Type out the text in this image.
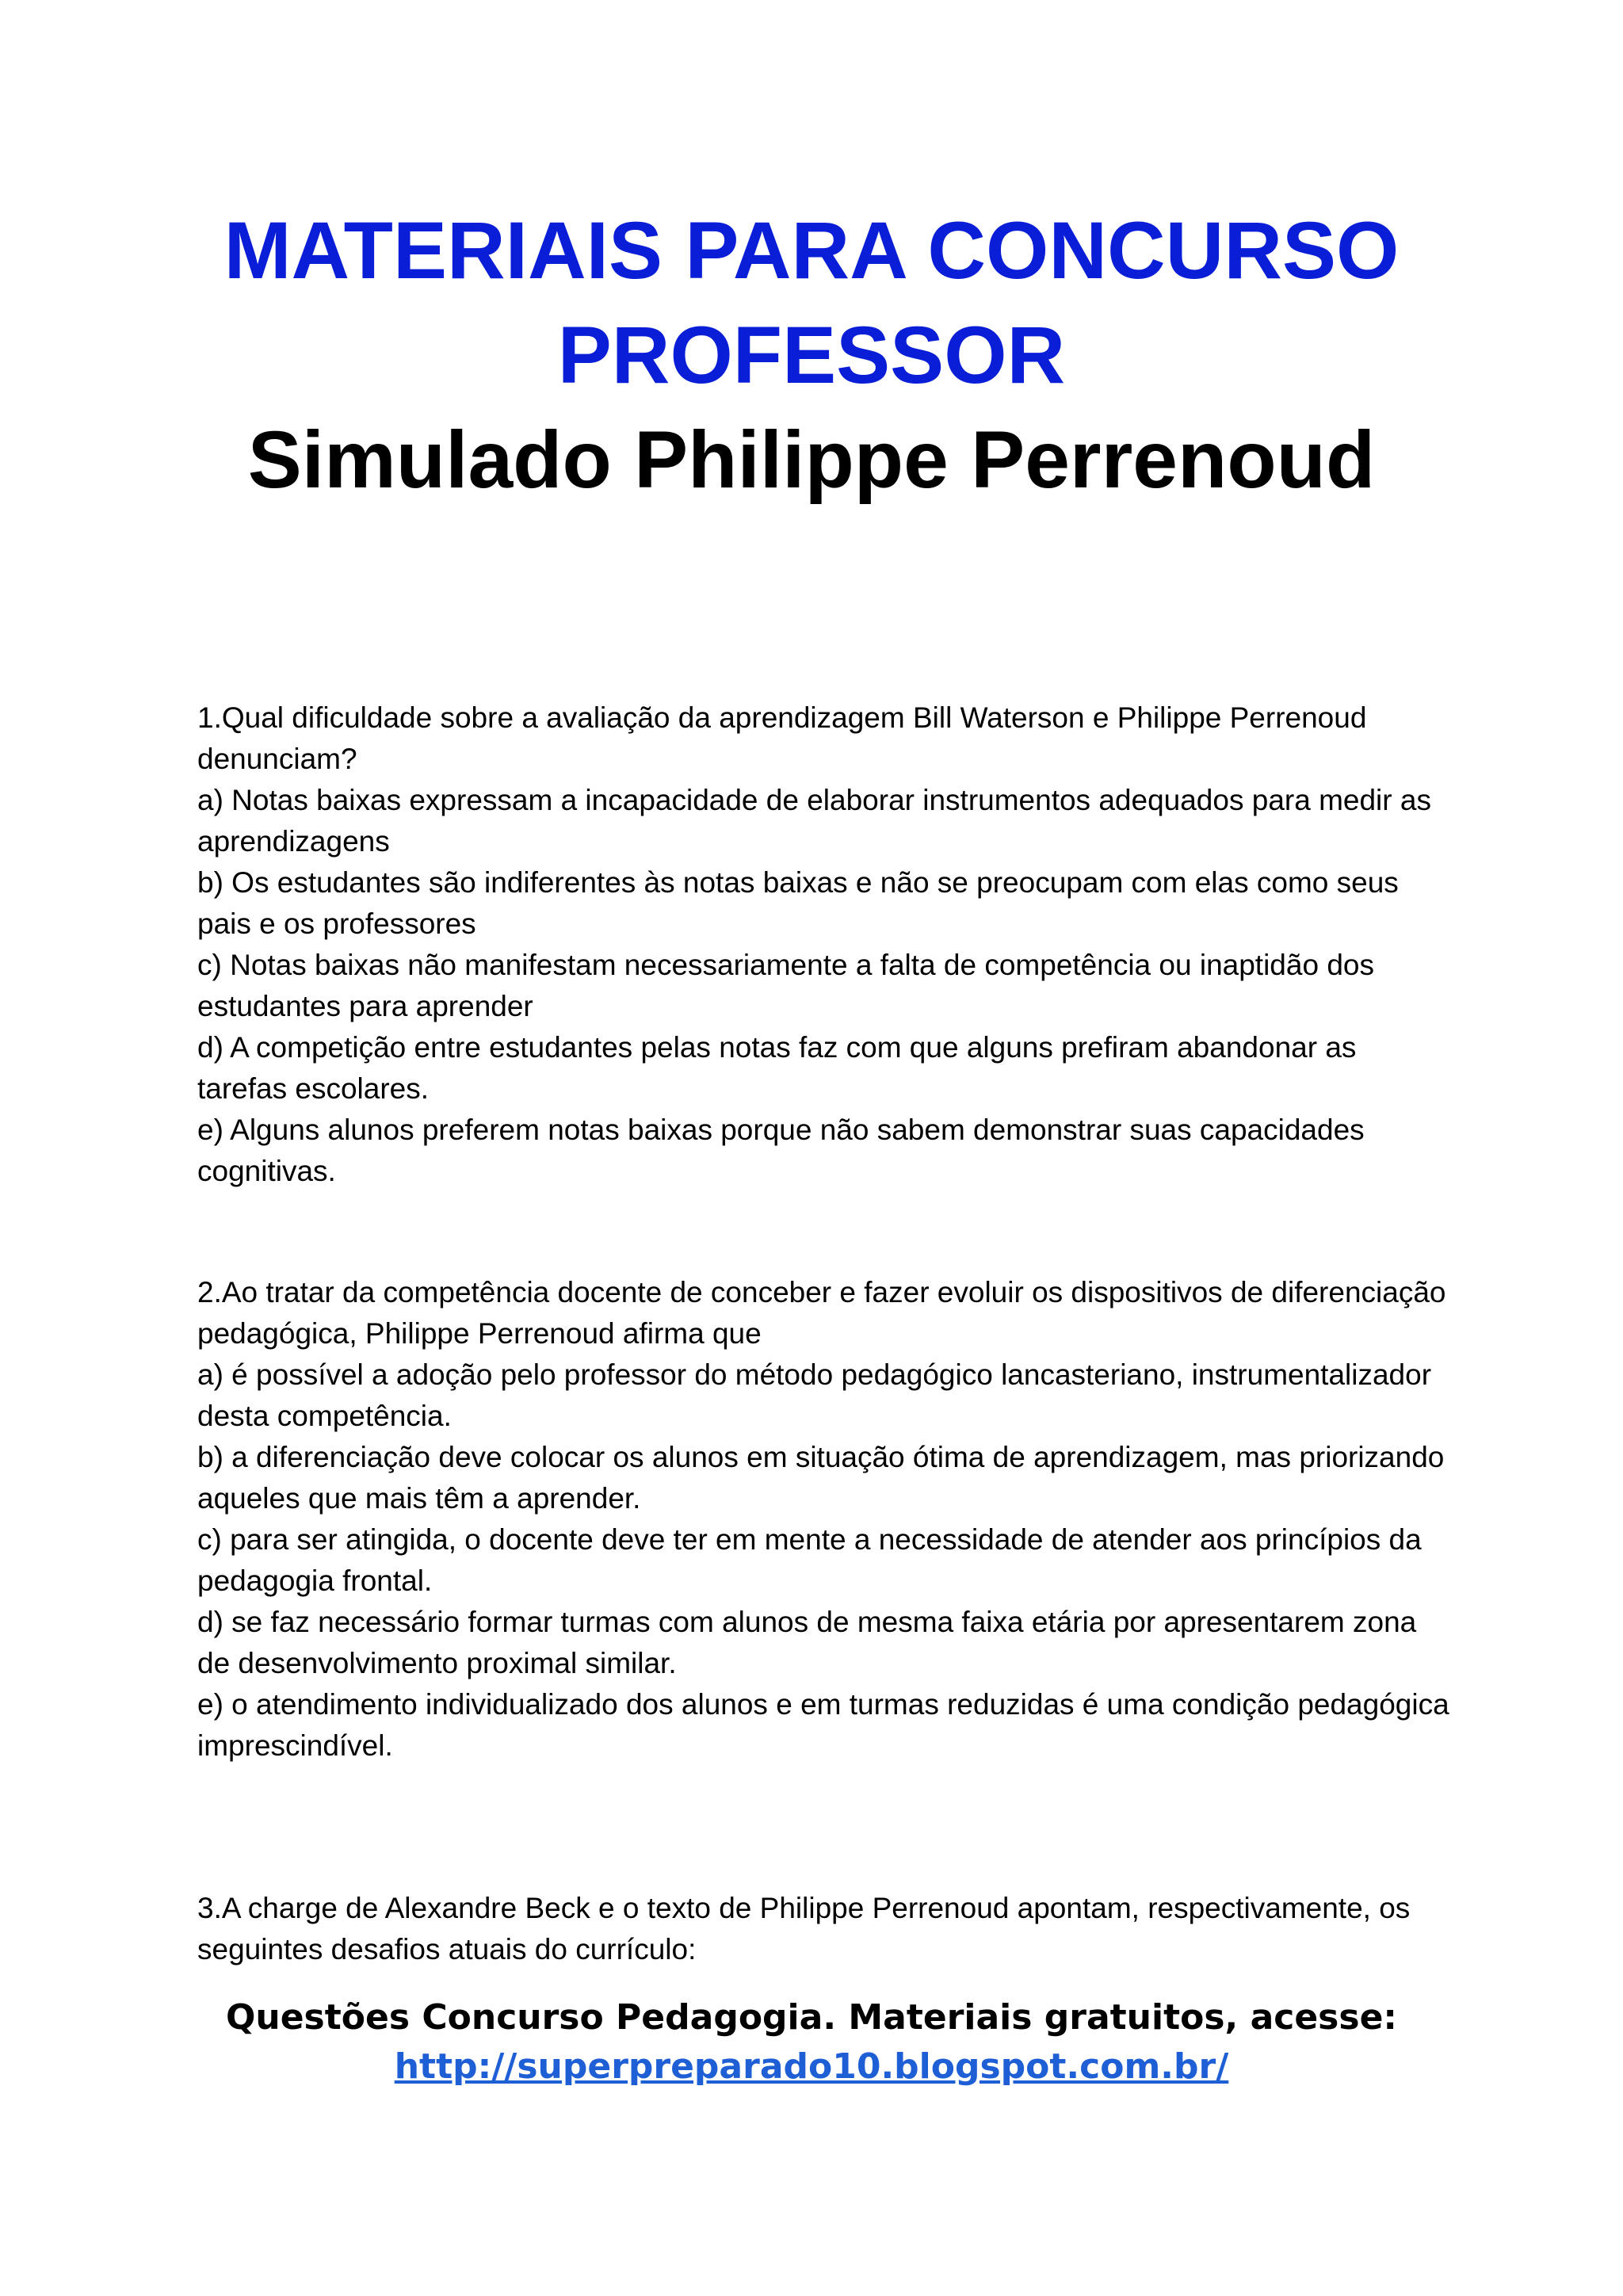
MATERIAIS PARA CONCURSO
PROFESSOR
Simulado Philippe Perrenoud

1.Qual dificuldade sobre a avaliação da aprendizagem Bill Waterson e Philippe Perrenoud denunciam?

a) Notas baixas expressam a incapacidade de elaborar instrumentos adequados para medir as aprendizagens

b) Os estudantes são indiferentes às notas baixas e não se preocupam com elas como seus pais e os professores

c) Notas baixas não manifestam necessariamente a falta de competência ou inaptidão dos estudantes para aprender

d) A competição entre estudantes pelas notas faz com que alguns prefiram abandonar as tarefas escolares.

e) Alguns alunos preferem notas baixas porque não sabem demonstrar suas capacidades cognitivas.

2.Ao tratar da competência docente de conceber e fazer evoluir os dispositivos de diferenciação pedagógica, Philippe Perrenoud afirma que

a) é possível a adoção pelo professor do método pedagógico lancasteriano, instrumentalizador desta competência.

b) a diferenciação deve colocar os alunos em situação ótima de aprendizagem, mas priorizando aqueles que mais têm a aprender.

c) para ser atingida, o docente deve ter em mente a necessidade de atender aos princípios da pedagogia frontal.

d) se faz necessário formar turmas com alunos de mesma faixa etária por apresentarem zona de desenvolvimento proximal similar.

e) o atendimento individualizado dos alunos e em turmas reduzidas é uma condição pedagógica imprescindível.

3.A charge de Alexandre Beck e o texto de Philippe Perrenoud apontam, respectivamente, os seguintes desafios atuais do currículo:

Questões Concurso Pedagogia. Materiais gratuitos, acesse:
http://superpreparado10.blogspot.com.br/
